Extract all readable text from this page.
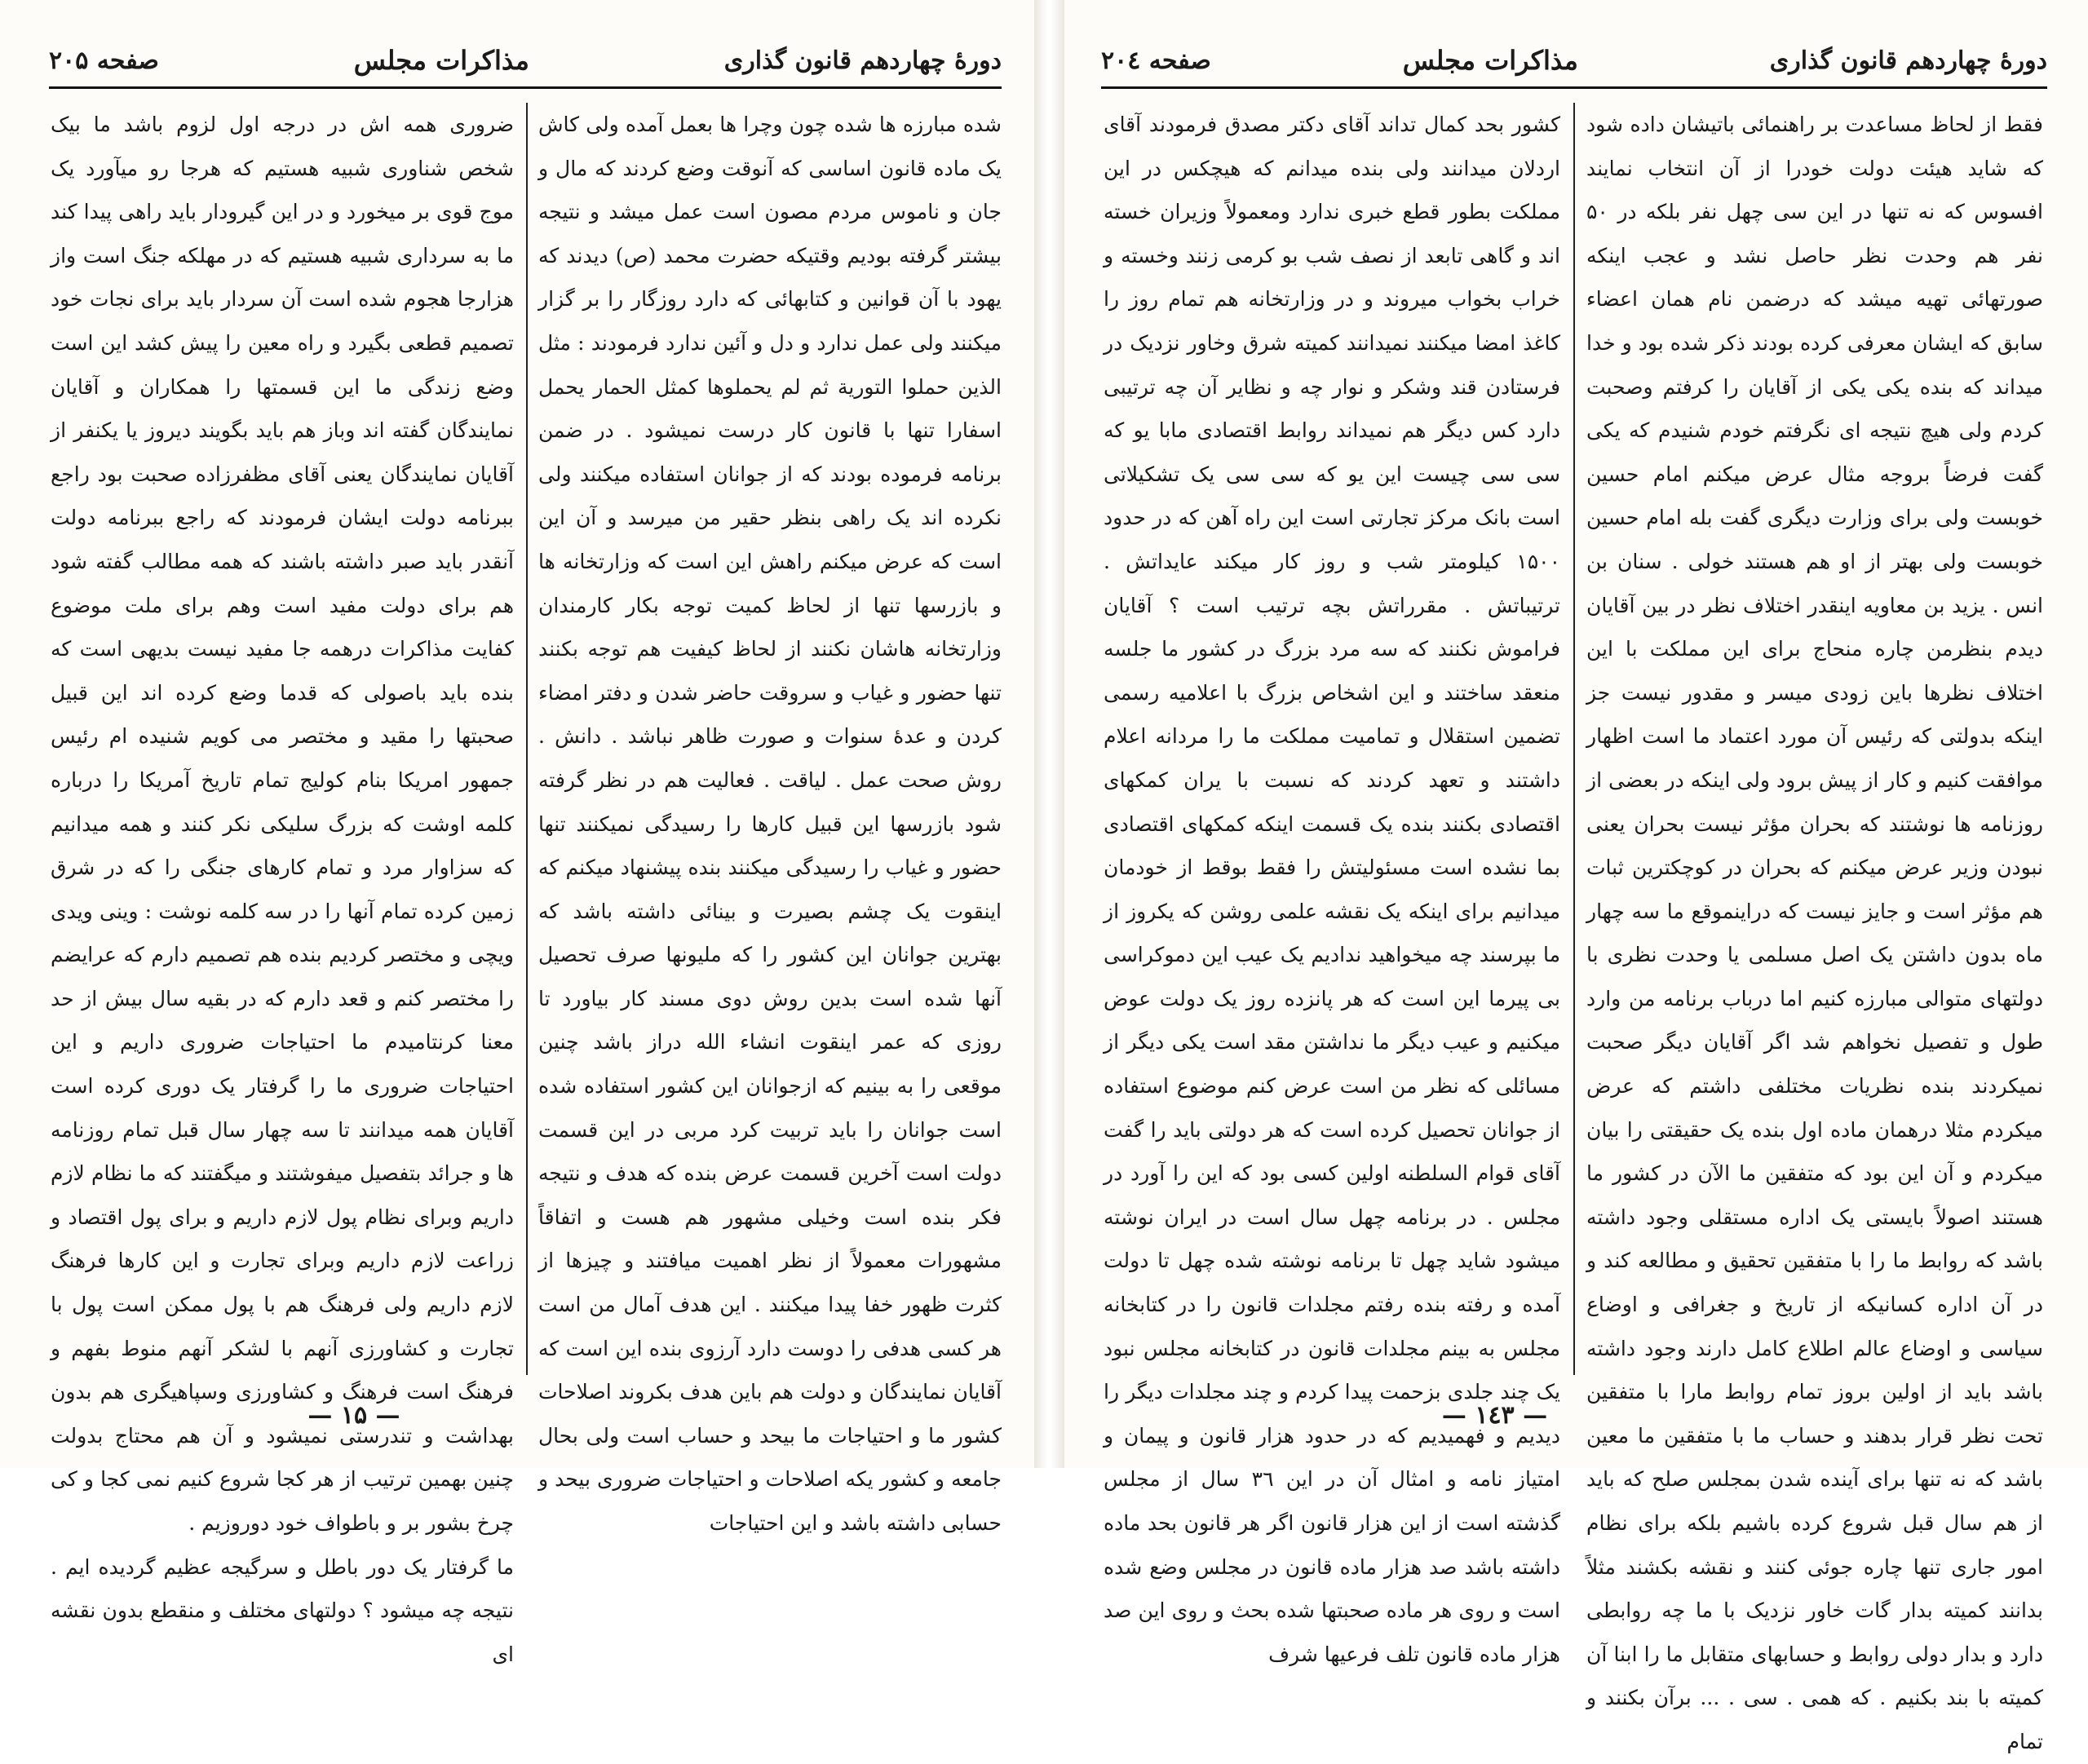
دورهٔ چهاردهم قانون گذاری
مذاکرات مجلس
صفحه ۲۰۵

شده مبارزه ها شده چون وچرا ها بعمل آمده ولی کاش یک ماده قانون اساسی که آنوقت وضع کردند که مال و جان و ناموس مردم مصون است عمل میشد و نتیجه بیشتر گرفته بودیم وقتیکه حضرت محمد (ص) دیدند که یهود با آن قوانین و کتابهائی که دارد روزگار را بر گزار میکنند ولی عمل ندارد و دل و آئین ندارد فرمودند : مثل الذین حملوا التوریة ثم لم یحملوها کمثل الحمار یحمل اسفارا تنها با قانون کار درست نمیشود . در ضمن برنامه فرموده بودند که از جوانان استفاده میکنند ولی نکرده اند یک راهی بنظر حقیر من میرسد و آن این است که عرض میکنم راهش این است که وزارتخانه ها و بازرسها تنها از لحاظ کمیت توجه بکار کارمندان وزارتخانه هاشان نکنند از لحاظ کیفیت هم توجه بکنند تنها حضور و غیاب و سروقت حاضر شدن و دفتر امضاء کردن و عدهٔ سنوات و صورت ظاهر نباشد . دانش . روش صحت عمل . لیاقت . فعالیت هم در نظر گرفته شود بازرسها این قبیل کارها را رسیدگی نمیکنند تنها حضور و غیاب را رسیدگی میکنند بنده پیشنهاد میکنم که اینقوت یک چشم بصیرت و بینائی داشته باشد که بهترین جوانان این کشور را که ملیونها صرف تحصیل آنها شده است بدین روش دوی مسند کار بیاورد تا روزی که عمر اینقوت انشاء الله دراز باشد چنین موقعی را به بینیم که ازجوانان این کشور استفاده شده است جوانان را باید تربیت کرد مربی در این قسمت دولت است آخرین قسمت عرض بنده که هدف و نتیجه فکر بنده است وخیلی مشهور هم هست و اتفاقاً مشهورات معمولاً از نظر اهمیت میافتند و چیزها از کثرت ظهور خفا پیدا میکنند . این هدف آمال من است هر کسی هدفی را دوست دارد آرزوی بنده این است که آقایان نمایندگان و دولت هم باین هدف بکروند اصلاحات کشور ما و احتیاجات ما بیحد و حساب است ولی بحال جامعه و کشور یکه اصلاحات و احتیاجات ضروری بیحد و حسابی داشته باشد و این احتیاجات

ضروری همه اش در درجه اول لزوم باشد ما بیک شخص شناوری شبیه هستیم که هرجا رو میآورد یک موج قوی بر میخورد و در این گیرودار باید راهی پیدا کند ما به سرداری شبیه هستیم که در مهلکه جنگ است واز هزارجا هجوم شده است آن سردار باید برای نجات خود تصمیم قطعی بگیرد و راه معین را پیش کشد این است وضع زندگی ما این قسمتها را همکاران و آقایان نمایندگان گفته اند وباز هم باید بگویند دیروز یا یکنفر از آقایان نمایندگان یعنی آقای مظفرزاده صحبت بود راجع ببرنامه دولت ایشان فرمودند که راجع ببرنامه دولت آنقدر باید صبر داشته باشند که همه مطالب گفته شود هم برای دولت مفید است وهم برای ملت موضوع کفایت مذاکرات درهمه جا مفید نیست بدیهی است که بنده باید باصولی که قدما وضع کرده اند این قبیل صحبتها را مقید و مختصر می کویم شنیده ام رئیس جمهور امریکا بنام کولیج تمام تاریخ آمریکا را درباره کلمه اوشت که بزرگ سلیکی نکر کنند و همه میدانیم که سزاوار مرد و تمام کارهای جنگی را که در شرق زمین کرده تمام آنها را در سه کلمه نوشت : وینی ویدی ویچی و مختصر کردیم بنده هم تصمیم دارم که عرایضم را مختصر کنم و قعد دارم که در بقیه سال بیش از حد معنا کرنتامیدم ما احتیاجات ضروری داریم و این احتیاجات ضروری ما را گرفتار یک دوری کرده است آقایان همه میدانند تا سه چهار سال قبل تمام روزنامه ها و جرائد بتفصیل میفوشتند و میگفتند که ما نظام لازم داریم وبرای نظام پول لازم داریم و برای پول اقتصاد و زراعت لازم داریم وبرای تجارت و این کارها فرهنگ لازم داریم ولی فرهنگ هم با پول ممکن است پول با تجارت و کشاورزی آنهم با لشکر آنهم منوط بفهم و فرهنگ است فرهنگ و کشاورزی وسپاهیگری هم بدون بهداشت و تندرستی نمیشود و آن هم محتاج بدولت چنین بهمین ترتیب از هر کجا شروع کنیم نمی کجا و کی چرخ بشور بر و باطواف خود دوروزیم .

ما گرفتار یک دور باطل و سرگیجه عظیم گردیده ایم . نتیجه چه میشود ؟ دولتهای مختلف و منقطع بدون نقشه ای

— ۱۵ —
دورهٔ چهاردهم قانون گذاری
مذاکرات مجلس
صفحه ۲۰٤

فقط از لحاظ مساعدت بر راهنمائی باتیشان داده شود که شاید هیئت دولت خودرا از آن انتخاب نمایند افسوس که نه تنها در این سی چهل نفر بلکه در ۵۰ نفر هم وحدت نظر حاصل نشد و عجب اینکه صورتهائی تهیه میشد که درضمن نام همان اعضاء سابق که ایشان معرفی کرده بودند ذکر شده بود و خدا میداند که بنده یکی یکی از آقایان را کرفتم وصحبت کردم ولی هیچ نتیجه ای نگرفتم خودم شنیدم که یکی گفت فرضاً بروجه مثال عرض میکنم امام حسین خوبست ولی برای وزارت دیگری گفت بله امام حسین خوبست ولی بهتر از او هم هستند خولی . سنان بن انس . یزید بن معاویه اینقدر اختلاف نظر در بین آقایان دیدم بنظرمن چاره منحاج برای این مملکت با این اختلاف نظرها باین زودی میسر و مقدور نیست جز اینکه بدولتی که رئیس آن مورد اعتماد ما است اظهار موافقت کنیم و کار از پیش برود ولی اینکه در بعضی از روزنامه ها نوشتند که بحران مؤثر نیست بحران یعنی نبودن وزیر عرض میکنم که بحران در کوچکترین ثبات هم مؤثر است و جایز نیست که دراینموقع ما سه چهار ماه بدون داشتن یک اصل مسلمی یا وحدت نظری با دولتهای متوالی مبارزه کنیم اما درباب برنامه من وارد طول و تفصیل نخواهم شد اگر آقایان دیگر صحبت نمیکردند بنده نظریات مختلفی داشتم که عرض میکردم مثلا درهمان ماده اول بنده یک حقیقتی را بیان میکردم و آن این بود که متفقین ما الآن در کشور ما هستند اصولاً بایستی یک اداره مستقلی وجود داشته باشد که روابط ما را با متفقین تحقیق و مطالعه کند و در آن اداره کسانیکه از تاریخ و جغرافی و اوضاع سیاسی و اوضاع عالم اطلاع کامل دارند وجود داشته باشد باید از اولین بروز تمام روابط مارا با متفقین تحت نظر قرار بدهند و حساب ما با متفقین ما معین باشد که نه تنها برای آینده شدن بمجلس صلح که باید از هم سال قبل شروع کرده باشیم بلکه برای نظام امور جاری تنها چاره جوئی کنند و نقشه بکشند مثلاً بدانند کمیته بدار گات خاور نزدیک با ما چه روابطی دارد و بدار دولی روابط و حسابهای متقابل ما را ابنا آن کمیته با بند بکنیم . که همی . سی . ... برآن بکنند و تمام

کشور بحد کمال تداند آقای دکتر مصدق فرمودند آقای اردلان میدانند ولی بنده میدانم که هیچکس در این مملکت بطور قطع خبری ندارد ومعمولاً وزیران خسته اند و گاهی تابعد از نصف شب بو کرمی زنند وخسته و خراب بخواب میروند و در وزارتخانه هم تمام روز را کاغذ امضا میکنند نمیدانند کمیته شرق وخاور نزدیک در فرستادن قند وشکر و نوار چه و نظایر آن چه ترتیبی دارد کس دیگر هم نمیداند روابط اقتصادی مابا یو که سی سی چیست این یو که سی سی یک تشکیلاتی است بانک مرکز تجارتی است این راه آهن که در حدود ۱۵۰۰ کیلومتر شب و روز کار میکند عایداتش . ترتیباتش . مقرراتش بچه ترتیب است ؟ آقایان فراموش نکنند که سه مرد بزرگ در کشور ما جلسه منعقد ساختند و این اشخاص بزرگ با اعلامیه رسمی تضمین استقلال و تمامیت مملکت ما را مردانه اعلام داشتند و تعهد کردند که نسبت با یران کمکهای اقتصادی بکنند بنده یک قسمت اینکه کمکهای اقتصادی بما نشده است مسئولیتش را فقط بوقط از خودمان میدانیم برای اینکه یک نقشه علمی روشن که یکروز از ما بپرسند چه میخواهید ندادیم یک عیب این دموکراسی بی پیرما این است که هر پانزده روز یک دولت عوض میکنیم و عیب دیگر ما نداشتن مقد است یکی دیگر از مسائلی که نظر من است عرض کنم موضوع استفاده از جوانان تحصیل کرده است که هر دولتی باید را گفت آقای قوام السلطنه اولین کسی بود که این را آورد در مجلس . در برنامه چهل سال است در ایران نوشته میشود شاید چهل تا برنامه نوشته شده چهل تا دولت آمده و رفته بنده رفتم مجلدات قانون را در کتابخانه مجلس به بینم مجلدات قانون در کتابخانه مجلس نبود یک چند جلدی بزحمت پیدا کردم و چند مجلدات دیگر را دیدیم و فهمیدیم که در حدود هزار قانون و پیمان و امتیاز نامه و امثال آن در این ۳٦ سال از مجلس گذشته است از این هزار قانون اگر هر قانون بحد ماده داشته باشد صد هزار ماده قانون در مجلس وضع شده است و روی هر ماده صحبتها شده بحث و روی این صد هزار ماده قانون تلف فرعیها شرف

— ۱٤۳ —
